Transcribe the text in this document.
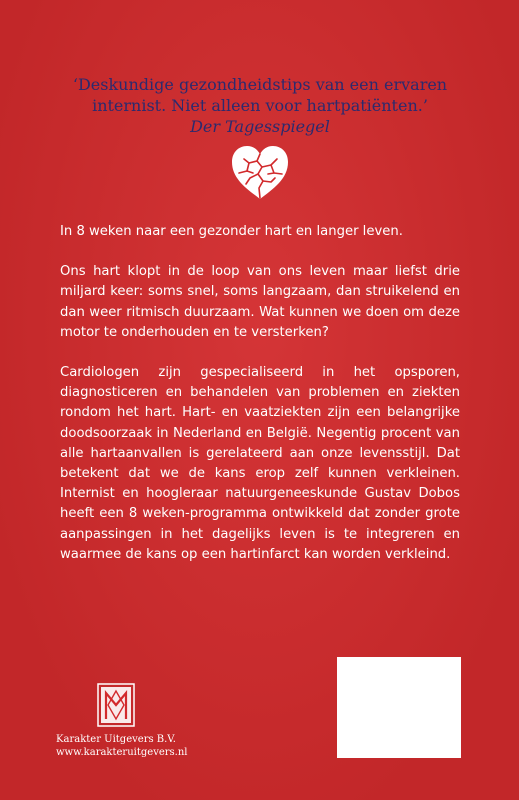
‘Deskundige gezondheidstips van een ervaren
internist. Niet alleen voor hartpatiënten.’
Der Tagesspiegel

In 8 weken naar een gezonder hart en langer leven.

Ons hart klopt in de loop van ons leven maar liefst drie miljard keer: soms snel, soms langzaam, dan struikelend en dan weer ritmisch duurzaam. Wat kunnen we doen om deze motor te onderhouden en te versterken?

Cardiologen zijn gespecialiseerd in het opsporen, diagnosticeren en behandelen van problemen en ziekten rondom het hart. Hart- en vaatziekten zijn een belangrijke doodsoorzaak in Nederland en België. Negentig procent van alle hartaanvallen is gerelateerd aan onze levensstijl. Dat betekent dat we de kans erop zelf kunnen verkleinen. Internist en hoogleraar natuurgeneeskunde Gustav Dobos heeft een 8 weken-programma ontwikkeld dat zonder grote aanpassingen in het dagelijks leven is te integreren en waarmee de kans op een hartinfarct kan worden verkleind.

Karakter Uitgevers B.V.
www.karakteruitgevers.nl
